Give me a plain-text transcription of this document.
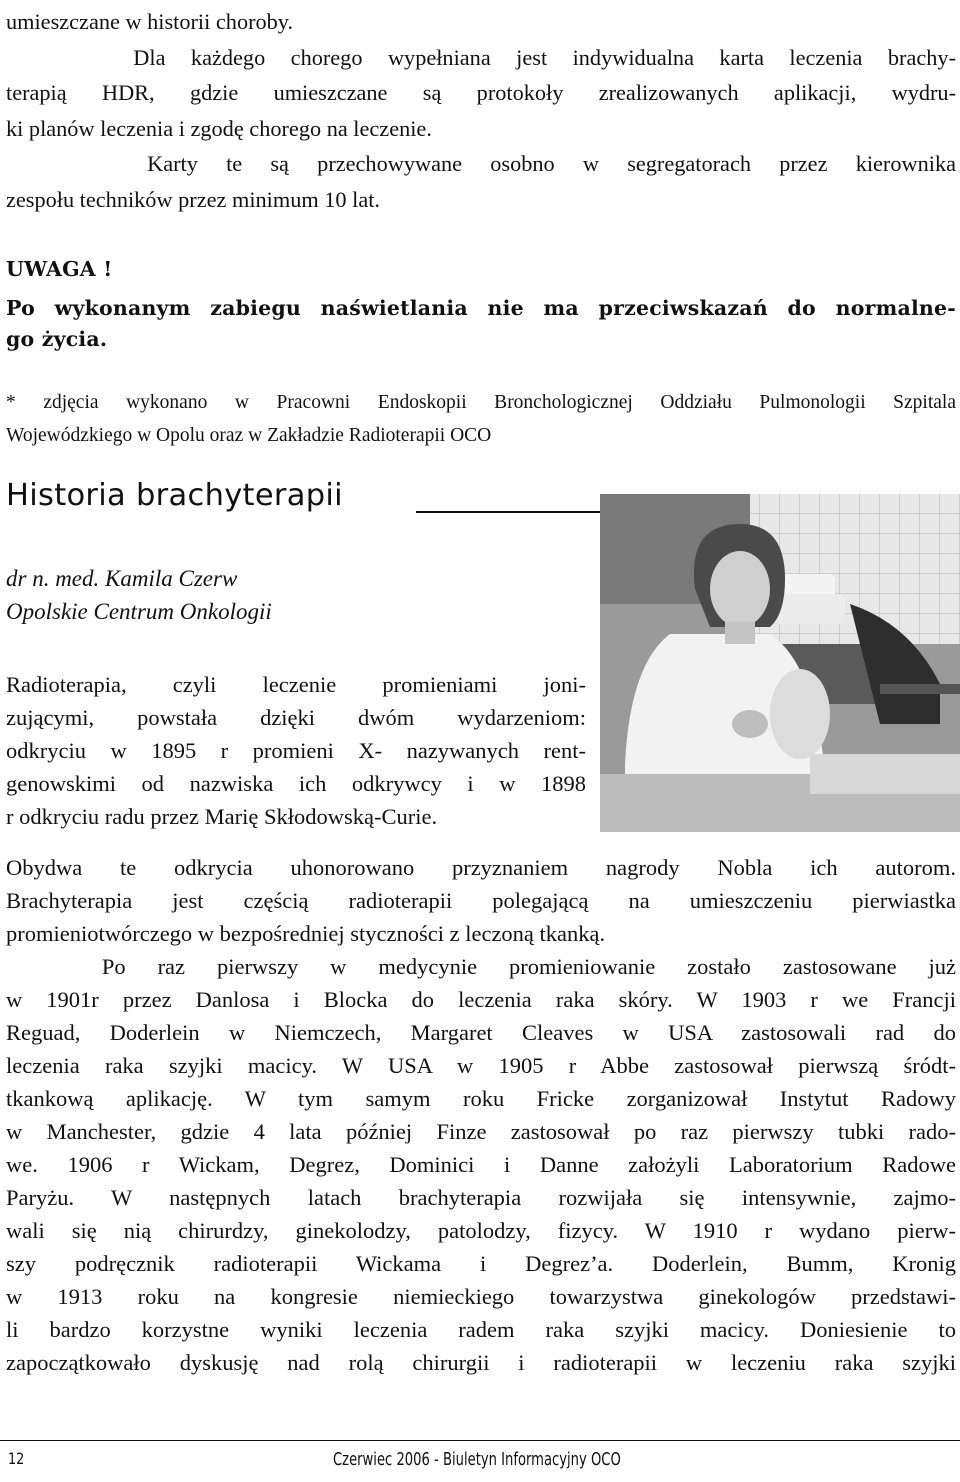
umieszczane w historii choroby.
Dla każdego chorego wypełniana jest indywidualna karta leczenia brachy-
terapią HDR, gdzie umieszczane są protokoły zrealizowanych aplikacji, wydru-
ki planów leczenia i zgodę chorego na leczenie.
Karty te są przechowywane osobno w segregatorach przez kierownika
zespołu techników przez minimum 10 lat.
UWAGA !
Po wykonanym zabiegu naświetlania nie ma przeciwskazań do normalne-
go życia.
* zdjęcia wykonano w Pracowni Endoskopii Bronchologicznej Oddziału Pulmonologii Szpitala
Wojewódzkiego w Opolu oraz w Zakładzie Radioterapii OCO
Historia brachyterapii
dr n. med. Kamila Czerw
Opolskie Centrum Onkologii
Radioterapia, czyli leczenie promieniami joni-
zującymi, powstała dzięki dwóm wydarzeniom:
odkryciu w 1895 r promieni X- nazywanych rent-
genowskimi od nazwiska ich odkrywcy i w 1898
r odkryciu radu przez Marię Skłodowską-Curie.
Obydwa te odkrycia uhonorowano przyznaniem nagrody Nobla ich autorom.
Brachyterapia jest częścią radioterapii polegającą na umieszczeniu pierwiastka
promieniotwórczego w bezpośredniej styczności z leczoną tkanką.
Po raz pierwszy w medycynie promieniowanie zostało zastosowane już
w 1901r przez Danlosa i Blocka do leczenia raka skóry. W 1903 r we Francji
Reguad, Doderlein w Niemczech, Margaret Cleaves w USA zastosowali rad do
leczenia raka szyjki macicy. W USA w 1905 r Abbe zastosował pierwszą śródt-
tkankową aplikację. W tym samym roku Fricke zorganizował Instytut Radowy
w Manchester, gdzie 4 lata później Finze zastosował po raz pierwszy tubki rado-
we. 1906 r Wickam, Degrez, Dominici i Danne założyli Laboratorium Radowe
Paryżu. W następnych latach brachyterapia rozwijała się intensywnie, zajmo-
wali się nią chirurdzy, ginekolodzy, patolodzy, fizycy. W 1910 r wydano pierw-
szy podręcznik radioterapii Wickama i Degrez’a. Doderlein, Bumm, Kronig
w 1913 roku na kongresie niemieckiego towarzystwa ginekologów przedstawi-
li bardzo korzystne wyniki leczenia radem raka szyjki macicy. Doniesienie to
zapoczątkowało dyskusję nad rolą chirurgii i radioterapii w leczeniu raka szyjki
12	Czerwiec 2006 - Biuletyn Informacyjny OCO
